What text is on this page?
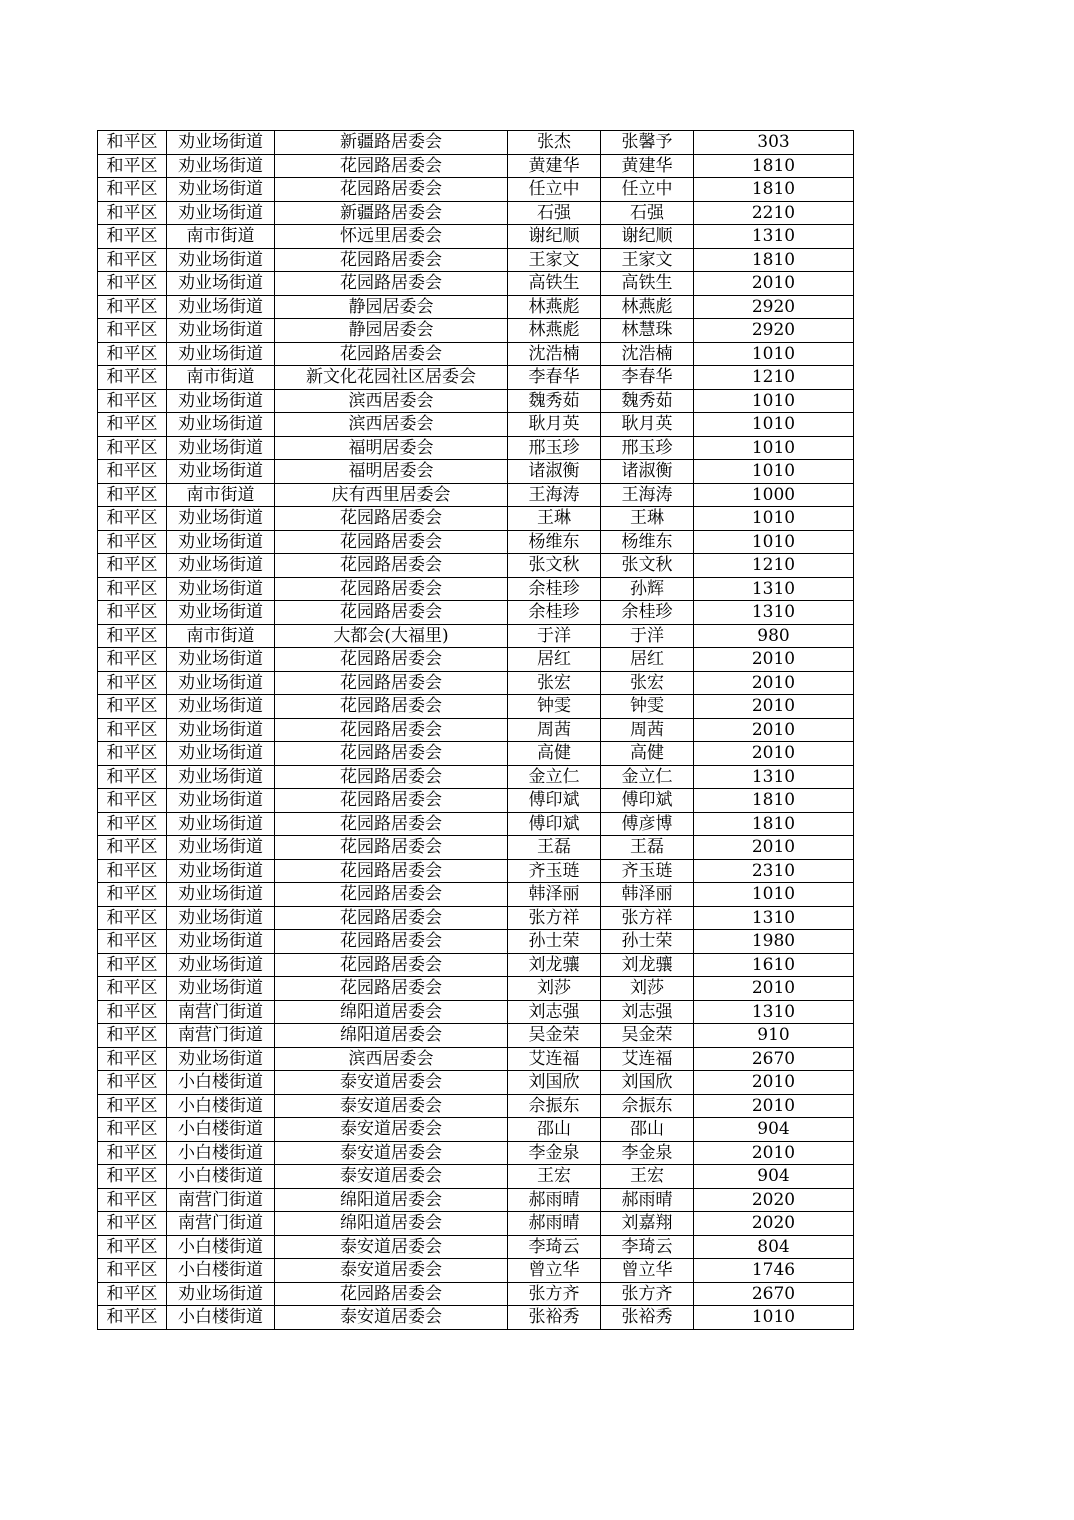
和平区	劝业场街道	新疆路居委会	张杰	张馨予	303
和平区	劝业场街道	花园路居委会	黄建华	黄建华	1810
和平区	劝业场街道	花园路居委会	任立中	任立中	1810
和平区	劝业场街道	新疆路居委会	石强	石强	2210
和平区	南市街道	怀远里居委会	谢纪顺	谢纪顺	1310
和平区	劝业场街道	花园路居委会	王家文	王家文	1810
和平区	劝业场街道	花园路居委会	高铁生	高铁生	2010
和平区	劝业场街道	静园居委会	林燕彪	林燕彪	2920
和平区	劝业场街道	静园居委会	林燕彪	林慧珠	2920
和平区	劝业场街道	花园路居委会	沈浩楠	沈浩楠	1010
和平区	南市街道	新文化花园社区居委会	李春华	李春华	1210
和平区	劝业场街道	滨西居委会	魏秀茹	魏秀茹	1010
和平区	劝业场街道	滨西居委会	耿月英	耿月英	1010
和平区	劝业场街道	福明居委会	邢玉珍	邢玉珍	1010
和平区	劝业场街道	福明居委会	诸淑衡	诸淑衡	1010
和平区	南市街道	庆有西里居委会	王海涛	王海涛	1000
和平区	劝业场街道	花园路居委会	王琳	王琳	1010
和平区	劝业场街道	花园路居委会	杨维东	杨维东	1010
和平区	劝业场街道	花园路居委会	张文秋	张文秋	1210
和平区	劝业场街道	花园路居委会	余桂珍	孙辉	1310
和平区	劝业场街道	花园路居委会	余桂珍	余桂珍	1310
和平区	南市街道	大都会(大福里)	于洋	于洋	980
和平区	劝业场街道	花园路居委会	居红	居红	2010
和平区	劝业场街道	花园路居委会	张宏	张宏	2010
和平区	劝业场街道	花园路居委会	钟雯	钟雯	2010
和平区	劝业场街道	花园路居委会	周茜	周茜	2010
和平区	劝业场街道	花园路居委会	高健	高健	2010
和平区	劝业场街道	花园路居委会	金立仁	金立仁	1310
和平区	劝业场街道	花园路居委会	傅印斌	傅印斌	1810
和平区	劝业场街道	花园路居委会	傅印斌	傅彦博	1810
和平区	劝业场街道	花园路居委会	王磊	王磊	2010
和平区	劝业场街道	花园路居委会	齐玉琏	齐玉琏	2310
和平区	劝业场街道	花园路居委会	韩泽丽	韩泽丽	1010
和平区	劝业场街道	花园路居委会	张方祥	张方祥	1310
和平区	劝业场街道	花园路居委会	孙士荣	孙士荣	1980
和平区	劝业场街道	花园路居委会	刘龙骧	刘龙骧	1610
和平区	劝业场街道	花园路居委会	刘莎	刘莎	2010
和平区	南营门街道	绵阳道居委会	刘志强	刘志强	1310
和平区	南营门街道	绵阳道居委会	吴金荣	吴金荣	910
和平区	劝业场街道	滨西居委会	艾连福	艾连福	2670
和平区	小白楼街道	泰安道居委会	刘国欣	刘国欣	2010
和平区	小白楼街道	泰安道居委会	佘振东	佘振东	2010
和平区	小白楼街道	泰安道居委会	邵山	邵山	904
和平区	小白楼街道	泰安道居委会	李金泉	李金泉	2010
和平区	小白楼街道	泰安道居委会	王宏	王宏	904
和平区	南营门街道	绵阳道居委会	郝雨晴	郝雨晴	2020
和平区	南营门街道	绵阳道居委会	郝雨晴	刘嘉翔	2020
和平区	小白楼街道	泰安道居委会	李琦云	李琦云	804
和平区	小白楼街道	泰安道居委会	曾立华	曾立华	1746
和平区	劝业场街道	花园路居委会	张方齐	张方齐	2670
和平区	小白楼街道	泰安道居委会	张裕秀	张裕秀	1010
